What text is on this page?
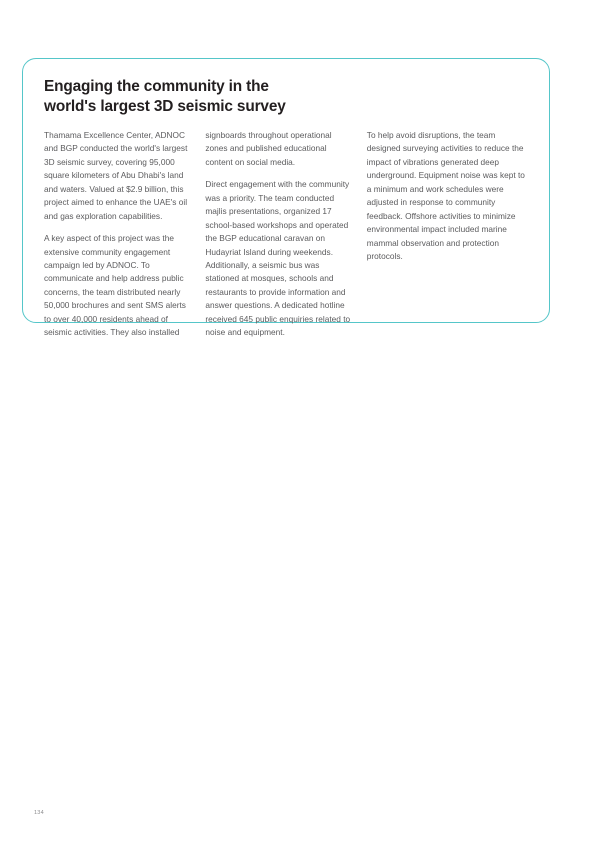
Engaging the community in the
world's largest 3D seismic survey

Thamama Excellence Center, ADNOC and BGP conducted the world's largest 3D seismic survey, covering 95,000 square kilometers of Abu Dhabi's land and waters. Valued at $2.9 billion, this project aimed to enhance the UAE's oil and gas exploration capabilities.

A key aspect of this project was the extensive community engagement campaign led by ADNOC. To communicate and help address public concerns, the team distributed nearly 50,000 brochures and sent SMS alerts to over 40,000 residents ahead of seismic activities. They also installed

signboards throughout operational zones and published educational content on social media.

Direct engagement with the community was a priority. The team conducted majlis presentations, organized 17 school-based workshops and operated the BGP educational caravan on Hudayriat Island during weekends. Additionally, a seismic bus was stationed at mosques, schools and restaurants to provide information and answer questions. A dedicated hotline received 645 public enquiries related to noise and equipment.

To help avoid disruptions, the team designed surveying activities to reduce the impact of vibrations generated deep underground. Equipment noise was kept to a minimum and work schedules were adjusted in response to community feedback. Offshore activities to minimize environmental impact included marine mammal observation and protection protocols.

134
